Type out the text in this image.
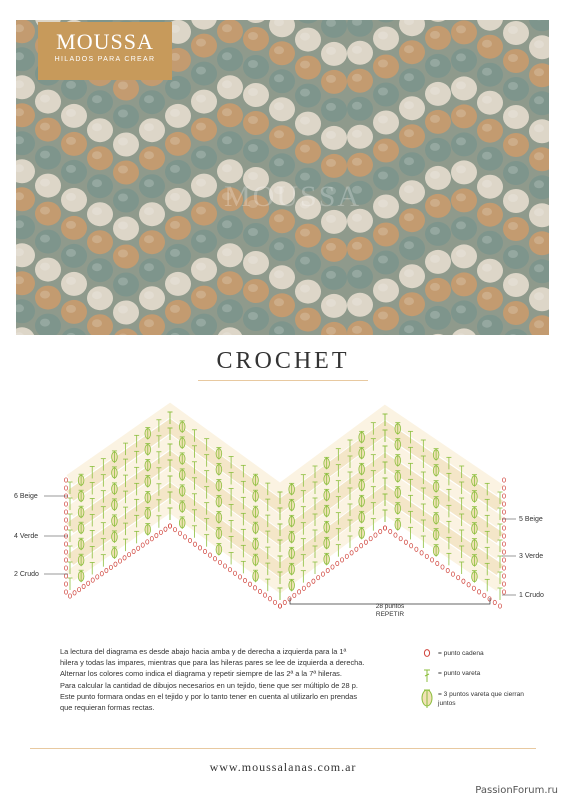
MOUSSA
MOUSSA
HILADOS PARA CREAR
CROCHET
6 Beige
4 Verde
2 Crudo
5 Beige
3 Verde
1 Crudo
28 puntos
REPETIR
La lectura del diagrama es desde abajo hacia amba y de derecha a izquierda para la 1ª
hilera y todas las impares, mientras que para las hileras pares se lee de izquierda a derecha.
Alternar los colores como indica el diagrama y repetir siempre de las 2ª a la 7ª hileras.
Para calcular la cantidad de dibujos necesarios en un tejido, tiene que ser múltiplo de 28 p.
Este punto formara ondas en el tejido y por lo tanto tener en cuenta al utilizarlo en prendas
que requieran formas rectas.
= punto cadena
= punto vareta
= 3 puntos vareta que cierran juntos
www.moussalanas.com.ar
PassionForum.ru
